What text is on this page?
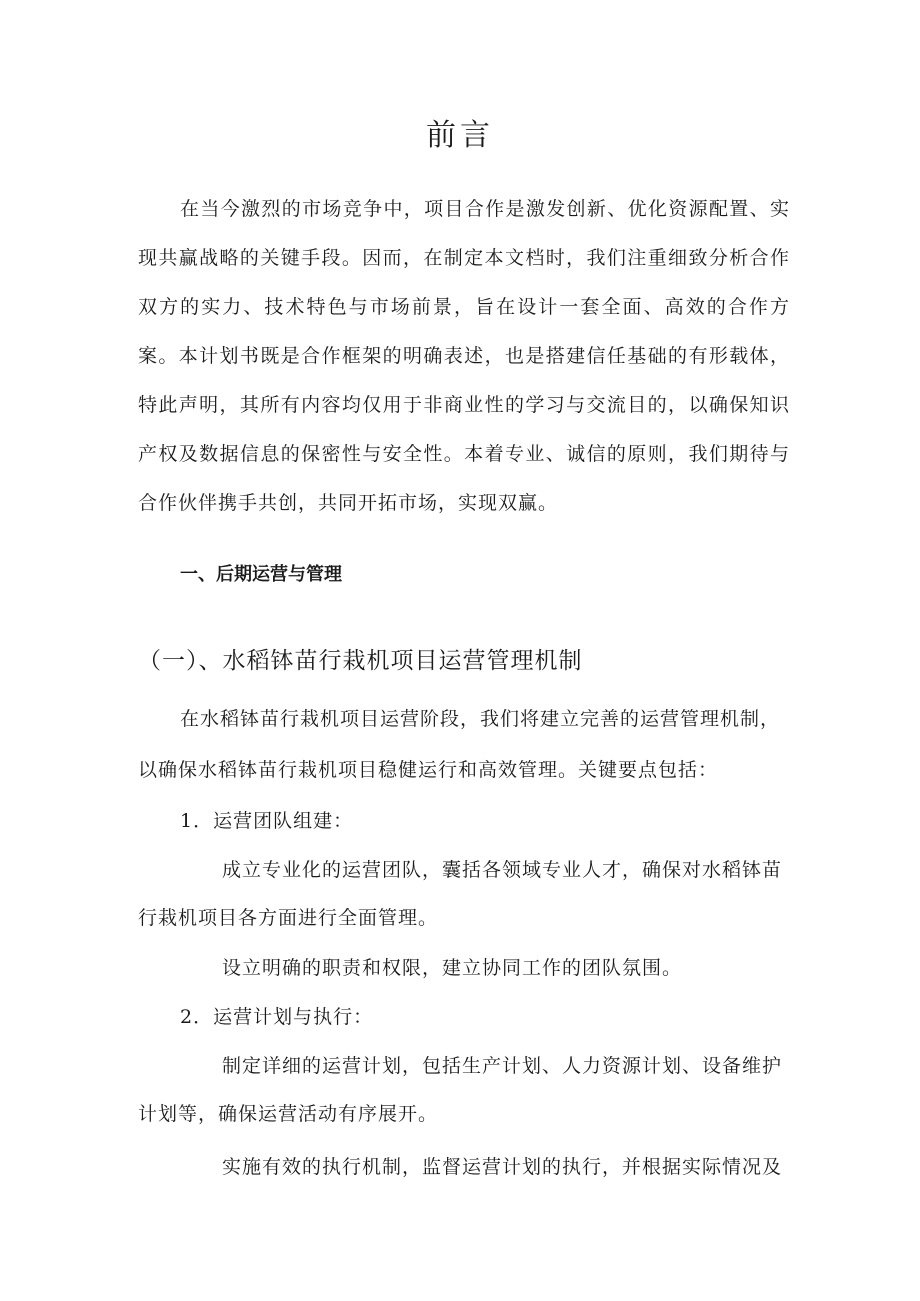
前言

在当今激烈的市场竞争中，项目合作是激发创新、优化资源配置、实现共赢战略的关键手段。因而，在制定本文档时，我们注重细致分析合作双方的实力、技术特色与市场前景，旨在设计一套全面、高效的合作方案。本计划书既是合作框架的明确表述，也是搭建信任基础的有形载体，特此声明，其所有内容均仅用于非商业性的学习与交流目的，以确保知识产权及数据信息的保密性与安全性。本着专业、诚信的原则，我们期待与合作伙伴携手共创，共同开拓市场，实现双赢。

一、后期运营与管理
（一）、水稻钵苗行栽机项目运营管理机制

在水稻钵苗行栽机项目运营阶段，我们将建立完善的运营管理机制，

以确保水稻钵苗行栽机项目稳健运行和高效管理。关键要点包括：

1．运营团队组建：

成立专业化的运营团队，囊括各领域专业人才，确保对水稻钵苗

行栽机项目各方面进行全面管理。

设立明确的职责和权限，建立协同工作的团队氛围。

2．运营计划与执行：

制定详细的运营计划，包括生产计划、人力资源计划、设备维护

计划等，确保运营活动有序展开。

实施有效的执行机制，监督运营计划的执行，并根据实际情况及
